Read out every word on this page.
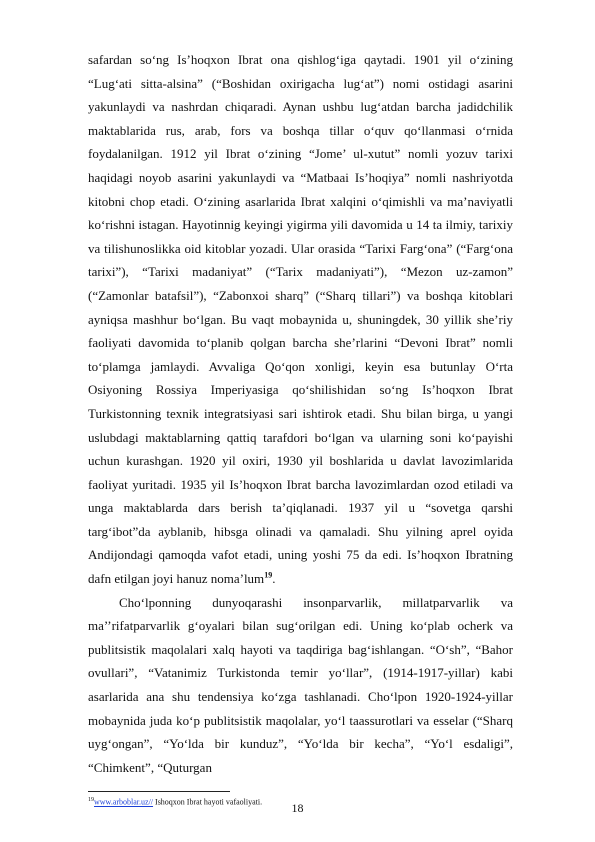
safardan so‘ng Is’hoqxon Ibrat ona qishlog‘iga qaytadi. 1901 yil o‘zining “Lug‘ati sitta-alsina” (“Boshidan oxirigacha lug‘at”) nomi ostidagi asarini yakunlaydi va nashrdan chiqaradi. Aynan ushbu lug‘atdan barcha jadidchilik maktablarida rus, arab, fors va boshqa tillar o‘quv qo‘llanmasi o‘rnida foydalanilgan. 1912 yil Ibrat o‘zining “Jome’ ul-xutut” nomli yozuv tarixi haqidagi noyob asarini yakunlaydi va “Matbaai Is’hoqiya” nomli nashriyotda kitobni chop etadi. O‘zining asarlarida Ibrat xalqini o‘qimishli va ma’naviyatli ko‘rishni istagan. Hayotinnig keyingi yigirma yili davomida u 14 ta ilmiy, tarixiy va tilishunoslikka oid kitoblar yozadi. Ular orasida “Tarixi Farg‘ona” (“Farg‘ona tarixi”), “Tarixi madaniyat” (“Tarix madaniyati”), “Mezon uz-zamon” (“Zamonlar batafsil”), “Zabonxoi sharq” (“Sharq tillari”) va boshqa kitoblari ayniqsa mashhur bo‘lgan. Bu vaqt mobaynida u, shuningdek, 30 yillik she’riy faoliyati davomida to‘planib qolgan barcha she’rlarini “Devoni Ibrat” nomli to‘plamga jamlaydi. Avvaliga Qo‘qon xonligi, keyin esa butunlay O‘rta Osiyoning Rossiya Imperiyasiga qo‘shilishidan so‘ng Is’hoqxon Ibrat Turkistonning texnik integratsiyasi sari ishtirok etadi. Shu bilan birga, u yangi uslubdagi maktablarning qattiq tarafdori bo‘lgan va ularning soni ko‘payishi uchun kurashgan. 1920 yil oxiri, 1930 yil boshlarida u davlat lavozimlarida faoliyat yuritadi. 1935 yil Is’hoqxon Ibrat barcha lavozimlardan ozod etiladi va unga maktablarda dars berish ta’qiqlanadi. 1937 yil u “sovetga qarshi targ‘ibot”da ayblanib, hibsga olinadi va qamaladi. Shu yilning aprel oyida Andijondagi qamoqda vafot etadi, uning yoshi 75 da edi. Is’hoqxon Ibratning dafn etilgan joyi hanuz noma’lum$^{19}$.

Cho‘lponning dunyoqarashi insonparvarlik, millatparvarlik va ma’’rifatparvarlik g‘oyalari bilan sug‘orilgan edi. Uning ko‘plab ocherk va publitsistik maqolalari xalq hayoti va taqdiriga bag‘ishlangan. “O‘sh”, “Bahor ovullari”, “Vatanimiz Turkistonda temir yo‘llar”, (1914-1917-yillar) kabi asarlarida ana shu tendensiya ko‘zga tashlanadi. Cho‘lpon 1920-1924-yillar mobaynida juda ko‘p publitsistik maqolalar, yo‘l taassurotlari va esselar (“Sharq uyg‘ongan”, “Yo‘lda bir kunduz”, “Yo‘lda bir kecha”, “Yo‘l esdaligi”, “Chimkent”, “Quturgan

$^{19}$www.arboblar.uz// Ishoqxon Ibrat hayoti vafaoliyati.	18
